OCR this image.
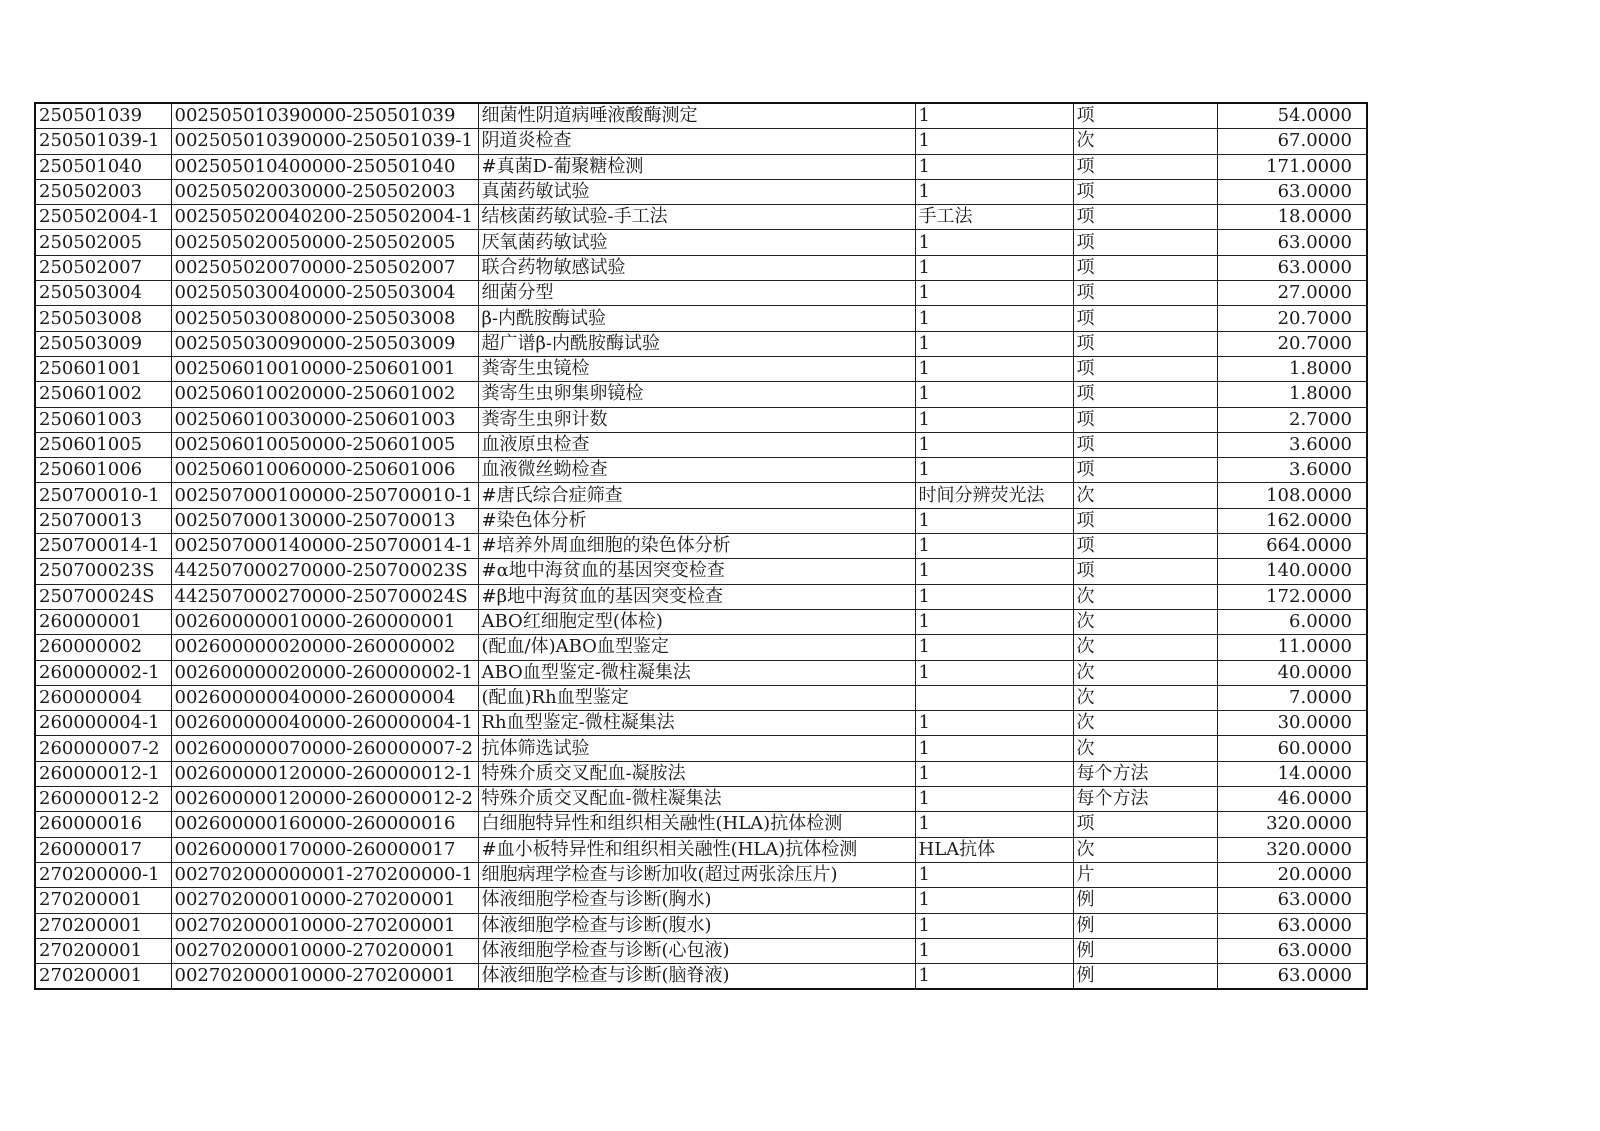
250501039	002505010390000-250501039	细菌性阴道病唾液酸酶测定	1	项	54.0000
250501039-1	002505010390000-250501039-1	阴道炎检查	1	次	67.0000
250501040	002505010400000-250501040	#真菌D-葡聚糖检测	1	项	171.0000
250502003	002505020030000-250502003	真菌药敏试验	1	项	63.0000
250502004-1	002505020040200-250502004-1	结核菌药敏试验-手工法	手工法	项	18.0000
250502005	002505020050000-250502005	厌氧菌药敏试验	1	项	63.0000
250502007	002505020070000-250502007	联合药物敏感试验	1	项	63.0000
250503004	002505030040000-250503004	细菌分型	1	项	27.0000
250503008	002505030080000-250503008	β-内酰胺酶试验	1	项	20.7000
250503009	002505030090000-250503009	超广谱β-内酰胺酶试验	1	项	20.7000
250601001	002506010010000-250601001	粪寄生虫镜检	1	项	1.8000
250601002	002506010020000-250601002	粪寄生虫卵集卵镜检	1	项	1.8000
250601003	002506010030000-250601003	粪寄生虫卵计数	1	项	2.7000
250601005	002506010050000-250601005	血液原虫检查	1	项	3.6000
250601006	002506010060000-250601006	血液微丝蚴检查	1	项	3.6000
250700010-1	002507000100000-250700010-1	#唐氏综合症筛查	时间分辨荧光法	次	108.0000
250700013	002507000130000-250700013	#染色体分析	1	项	162.0000
250700014-1	002507000140000-250700014-1	#培养外周血细胞的染色体分析	1	项	664.0000
250700023S	442507000270000-250700023S	#α地中海贫血的基因突变检查	1	项	140.0000
250700024S	442507000270000-250700024S	#β地中海贫血的基因突变检查	1	次	172.0000
260000001	002600000010000-260000001	ABO红细胞定型(体检)	1	次	6.0000
260000002	002600000020000-260000002	(配血/体)ABO血型鉴定	1	次	11.0000
260000002-1	002600000020000-260000002-1	ABO血型鉴定-微柱凝集法	1	次	40.0000
260000004	002600000040000-260000004	(配血)Rh血型鉴定		次	7.0000
260000004-1	002600000040000-260000004-1	Rh血型鉴定-微柱凝集法	1	次	30.0000
260000007-2	002600000070000-260000007-2	抗体筛选试验	1	次	60.0000
260000012-1	002600000120000-260000012-1	特殊介质交叉配血-凝胺法	1	每个方法	14.0000
260000012-2	002600000120000-260000012-2	特殊介质交叉配血-微柱凝集法	1	每个方法	46.0000
260000016	002600000160000-260000016	白细胞特异性和组织相关融性(HLA)抗体检测	1	项	320.0000
260000017	002600000170000-260000017	#血小板特异性和组织相关融性(HLA)抗体检测	HLA抗体	次	320.0000
270200000-1	002702000000001-270200000-1	细胞病理学检查与诊断加收(超过两张涂压片)	1	片	20.0000
270200001	002702000010000-270200001	体液细胞学检查与诊断(胸水)	1	例	63.0000
270200001	002702000010000-270200001	体液细胞学检查与诊断(腹水)	1	例	63.0000
270200001	002702000010000-270200001	体液细胞学检查与诊断(心包液)	1	例	63.0000
270200001	002702000010000-270200001	体液细胞学检查与诊断(脑脊液)	1	例	63.0000
